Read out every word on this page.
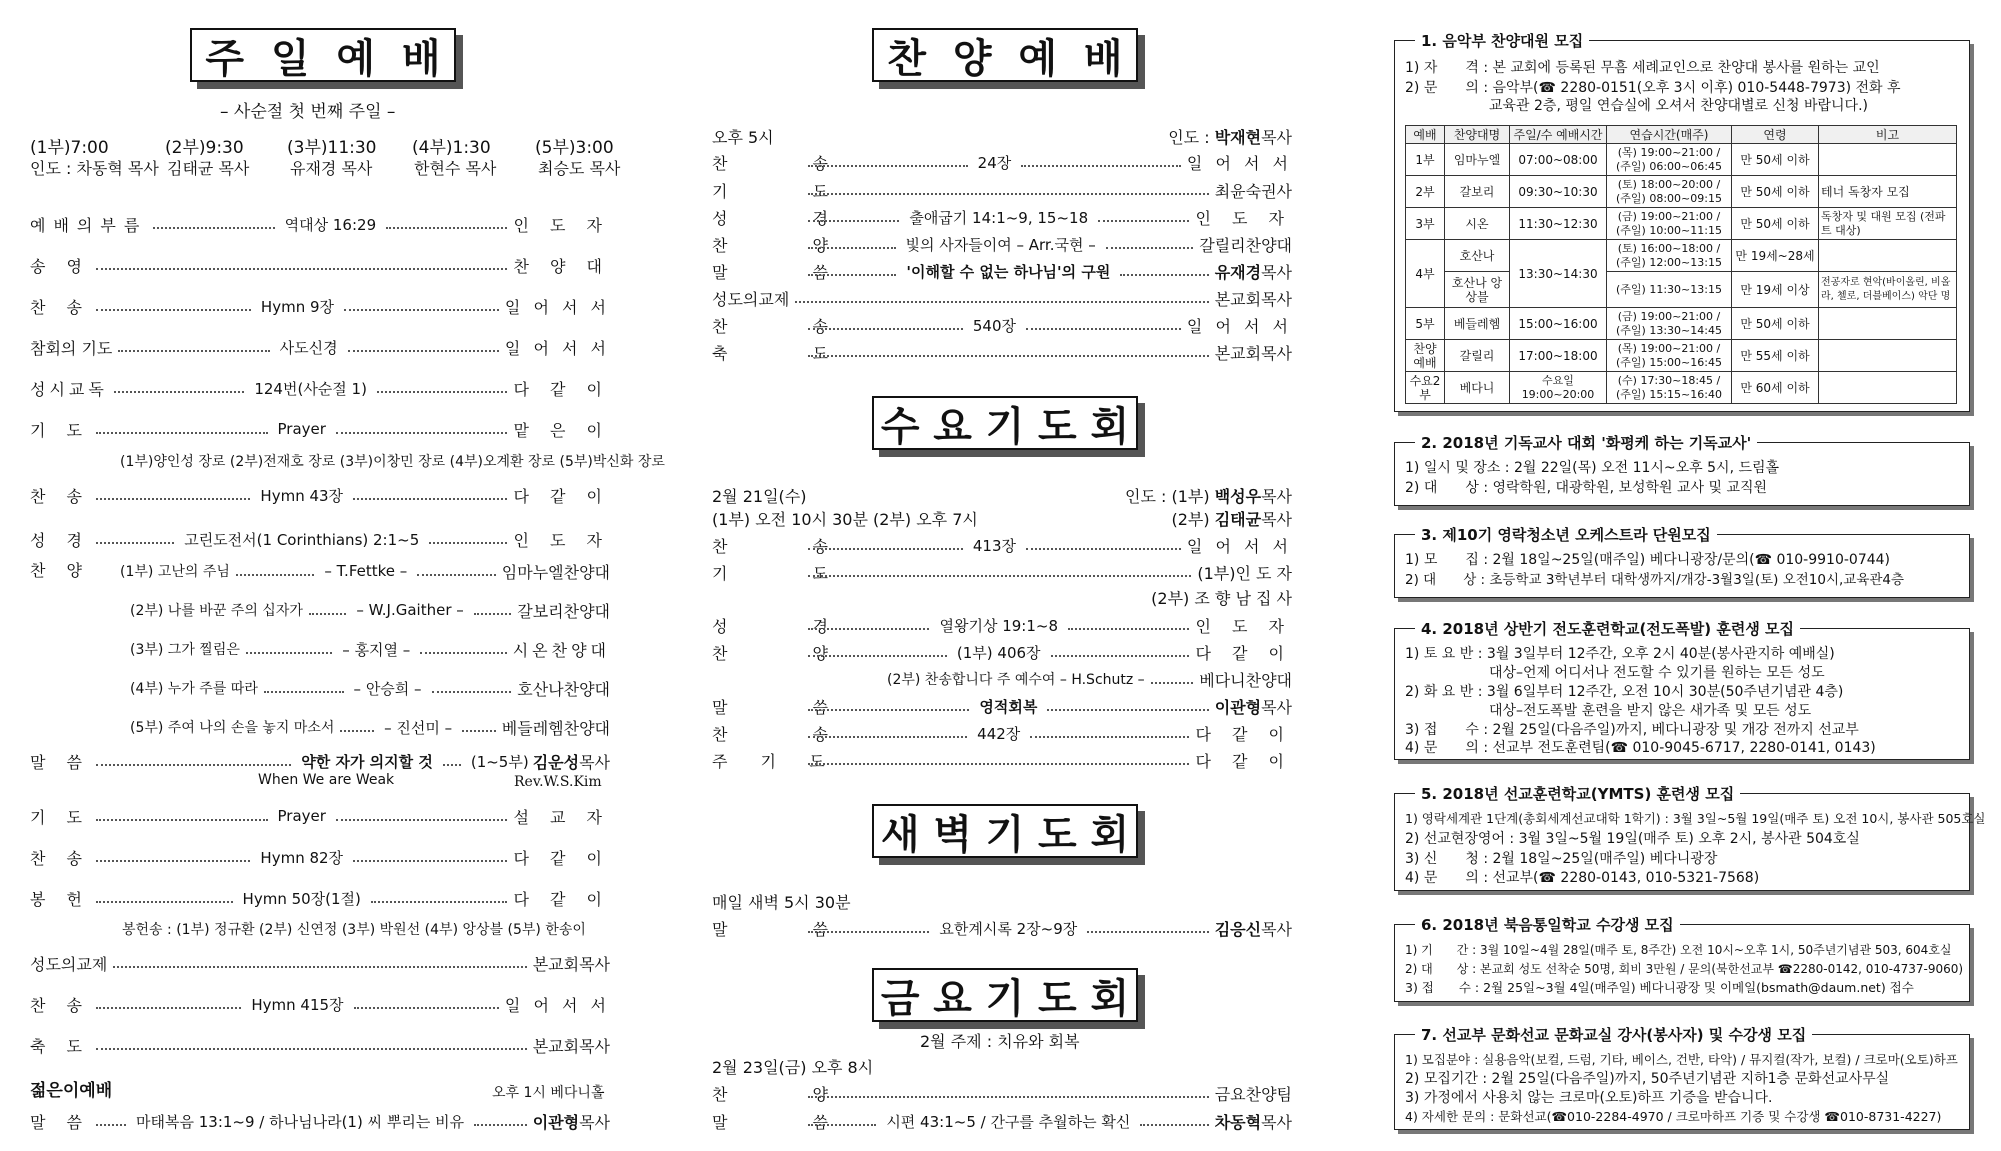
주 일 예 배
– 사순절 첫 번째 주일 –
(1부)7:00	(2부)9:30	(3부)11:30 (4부)1:30	(5부)3:00
인도 : 차동혁 목사 김태균 목사	유재경 목사	한현수 목사	최승도 목사
예배의부름	역대상 16:29	인 도 자
송 영	찬 양 대
찬 송	Hymn 9장	일 어 서 서
참회의 기도	사도신경	일 어 서 서
성시교독	124번(사순절 1)	다 같 이
기 도	Prayer	맡 은 이
(1부)양인성 장로 (2부)전재호 장로 (3부)이창민 장로 (4부)오계환 장로 (5부)박신화 장로
찬 송	Hymn 43장	다 같 이
성 경	고린도전서(1 Corinthians) 2:1~5	인 도 자
찬 양 (1부) 고난의 주님	– T.Fettke –	임마누엘찬양대
(2부) 나를 바꾼 주의 십자가	– W.J.Gaither –	갈보리찬양대
(3부) 그가 찔림은	– 홍지열 –	시온찬양대
(4부) 누가 주를 따라	– 안승희 –	호산나찬양대
(5부) 주여 나의 손을 놓지 마소서	– 진선미 –	베들레헴찬양대
말 씀	약한 자가 의지할 것	(1~5부) 김운성목사
When We are Weak	Rev.W.S.Kim
기 도	Prayer	설 교 자
찬 송	Hymn 82장	다 같 이
봉 헌	Hymn 50장(1절)	다 같 이
봉헌송 : (1부) 정규환 (2부) 신연정 (3부) 박원선 (4부) 앙상블 (5부) 한송이
성도의교제	본교회목사
찬 송	Hymn 415장	일 어 서 서
축 도	본교회목사
젊은이예배	오후 1시 베다니홀
말 씀	마태복음 13:1~9 / 하나님나라(1) 씨 뿌리는 비유	이관형목사
찬 양 예 배
오후 5시	인도 : 박재현목사
찬 송	24장	일 어 서 서
기 도	최윤숙권사
성 경	출애굽기 14:1~9, 15~18	인 도 자
찬 양	빛의 사자들이여 – Arr.국현 –	갈릴리찬양대
말 씀	'이해할 수 없는 하나님'의 구원	유재경목사
성도의교제	본교회목사
찬 송	540장	일 어 서 서
축 도	본교회목사
수 요 기 도 회
2월 21일(수)	인도 : (1부) 백성우목사
(1부) 오전 10시 30분 (2부) 오후 7시	(2부) 김태균목사
찬 송	413장	일 어 서 서
기 도	(1부)인 도 자
(2부) 조 향 남 집 사
성 경	열왕기상 19:1~8	인 도 자
찬 양	(1부) 406장	다 같 이
(2부) 찬송합니다 주 예수여 – H.Schutz –	베다니찬양대
말 씀	영적회복	이관형목사
찬 송	442장	다 같 이
주 기 도	다 같 이
새 벽 기 도 회
매일 새벽 5시 30분
말 씀	요한계시록 2장~9장	김응신목사
금 요 기 도 회
2월 주제 : 치유와 회복
2월 23일(금) 오후 8시
찬 양	금요찬양팀
말 씀 시편 43:1~5 / 간구를 추월하는 확신	차동혁목사
1. 음악부 찬양대원 모집
1) 자　　격 : 본 교회에 등록된 무흠 세례교인으로 찬양대 봉사를 원하는 교인
2) 문　　의 : 음악부(☎ 2280-0151(오후 3시 이후) 010-5448-7973) 전화 후
　　　　　　교육관 2층, 평일 연습실에 오셔서 찬양대별로 신청 바랍니다.)
예배	찬양대명	주일/수 예배시간	연습시간(매주)	연령	비고
1부	임마누엘	07:00~08:00	(목) 19:00~21:00 / (주일) 06:00~06:45	만 50세 이하	
2부	갈보리	09:30~10:30	(토) 18:00~20:00 / (주일) 08:00~09:15	만 50세 이하	테너 독창자 모집
3부	시온	11:30~12:30	(금) 19:00~21:00 / (주일) 10:00~11:15	만 50세 이하	독창자 및 대원 모집 (전파트 대상)
4부	호산나	13:30~14:30	(토) 16:00~18:00 / (주일) 12:00~13:15	만 19세~28세	
	호산나 앙상블		(주일) 11:30~13:15	만 19세 이상	전공자로 현악(바이올린, 비올라, 첼로, 더블베이스) 악단 명
5부	베들레헴	15:00~16:00	(금) 19:00~21:00 / (주일) 13:30~14:45	만 50세 이하	
찬양예배	갈릴리	17:00~18:00	(목) 19:00~21:00 / (주일) 15:00~16:45	만 55세 이하	
수요2부	베다니	수요일 19:00~20:00	(수) 17:30~18:45 / (주일) 15:15~16:40	만 60세 이하	
2. 2018년 기독교사 대회 '화평케 하는 기독교사'
1) 일시 및 장소 : 2월 22일(목) 오전 11시~오후 5시, 드림홀
2) 대　　상 : 영락학원, 대광학원, 보성학원 교사 및 교직원
3. 제10기 영락청소년 오케스트라 단원모집
1) 모　　집 : 2월 18일~25일(매주일) 베다니광장/문의(☎ 010-9910-0744)
2) 대　　상 : 초등학교 3학년부터 대학생까지/개강-3월3일(토) 오전10시,교육관4층
4. 2018년 상반기 전도훈련학교(전도폭발) 훈련생 모집
1) 토 요 반 : 3월 3일부터 12주간, 오후 2시 40분(봉사관지하 예배실)
　　　　　　대상–언제 어디서나 전도할 수 있기를 원하는 모든 성도
2) 화 요 반 : 3월 6일부터 12주간, 오전 10시 30분(50주년기념관 4층)
　　　　　　대상–전도폭발 훈련을 받지 않은 새가족 및 모든 성도
3) 접　　수 : 2월 25일(다음주일)까지, 베다니광장 및 개강 전까지 선교부
4) 문　　의 : 선교부 전도훈련팀(☎ 010-9045-6717, 2280-0141, 0143)
5. 2018년 선교훈련학교(YMTS) 훈련생 모집
1) 영락세계관 1단계(총회세계선교대학 1학기) : 3월 3일~5월 19일(매주 토) 오전 10시, 봉사관 505호실
2) 선교현장영어 : 3월 3일~5월 19일(매주 토) 오후 2시, 봉사관 504호실
3) 신　　청 : 2월 18일~25일(매주일) 베다니광장
4) 문　　의 : 선교부(☎ 2280-0143, 010-5321-7568)
6. 2018년 북음통일학교 수강생 모집
1) 기　　간 : 3월 10일~4월 28일(매주 토, 8주간) 오전 10시~오후 1시, 50주년기념관 503, 604호실
2) 대　　상 : 본교회 성도 선착순 50명, 회비 3만원 / 문의(북한선교부 ☎2280-0142, 010-4737-9060)
3) 접　　수 : 2월 25일~3월 4일(매주일) 베다니광장 및 이메일(bsmath@daum.net) 접수
7. 선교부 문화선교 문화교실 강사(봉사자) 및 수강생 모집
1) 모집분야 : 실용음악(보컬, 드럼, 기타, 베이스, 건반, 타악) / 뮤지컬(작가, 보컬) / 크로마(오토)하프
2) 모집기간 : 2월 25일(다음주일)까지, 50주년기념관 지하1층 문화선교사무실
3) 가정에서 사용치 않는 크로마(오토)하프 기증을 받습니다.
4) 자세한 문의 : 문화선교(☎010-2284-4970 / 크로마하프 기증 및 수강생 ☎010-8731-4227)
